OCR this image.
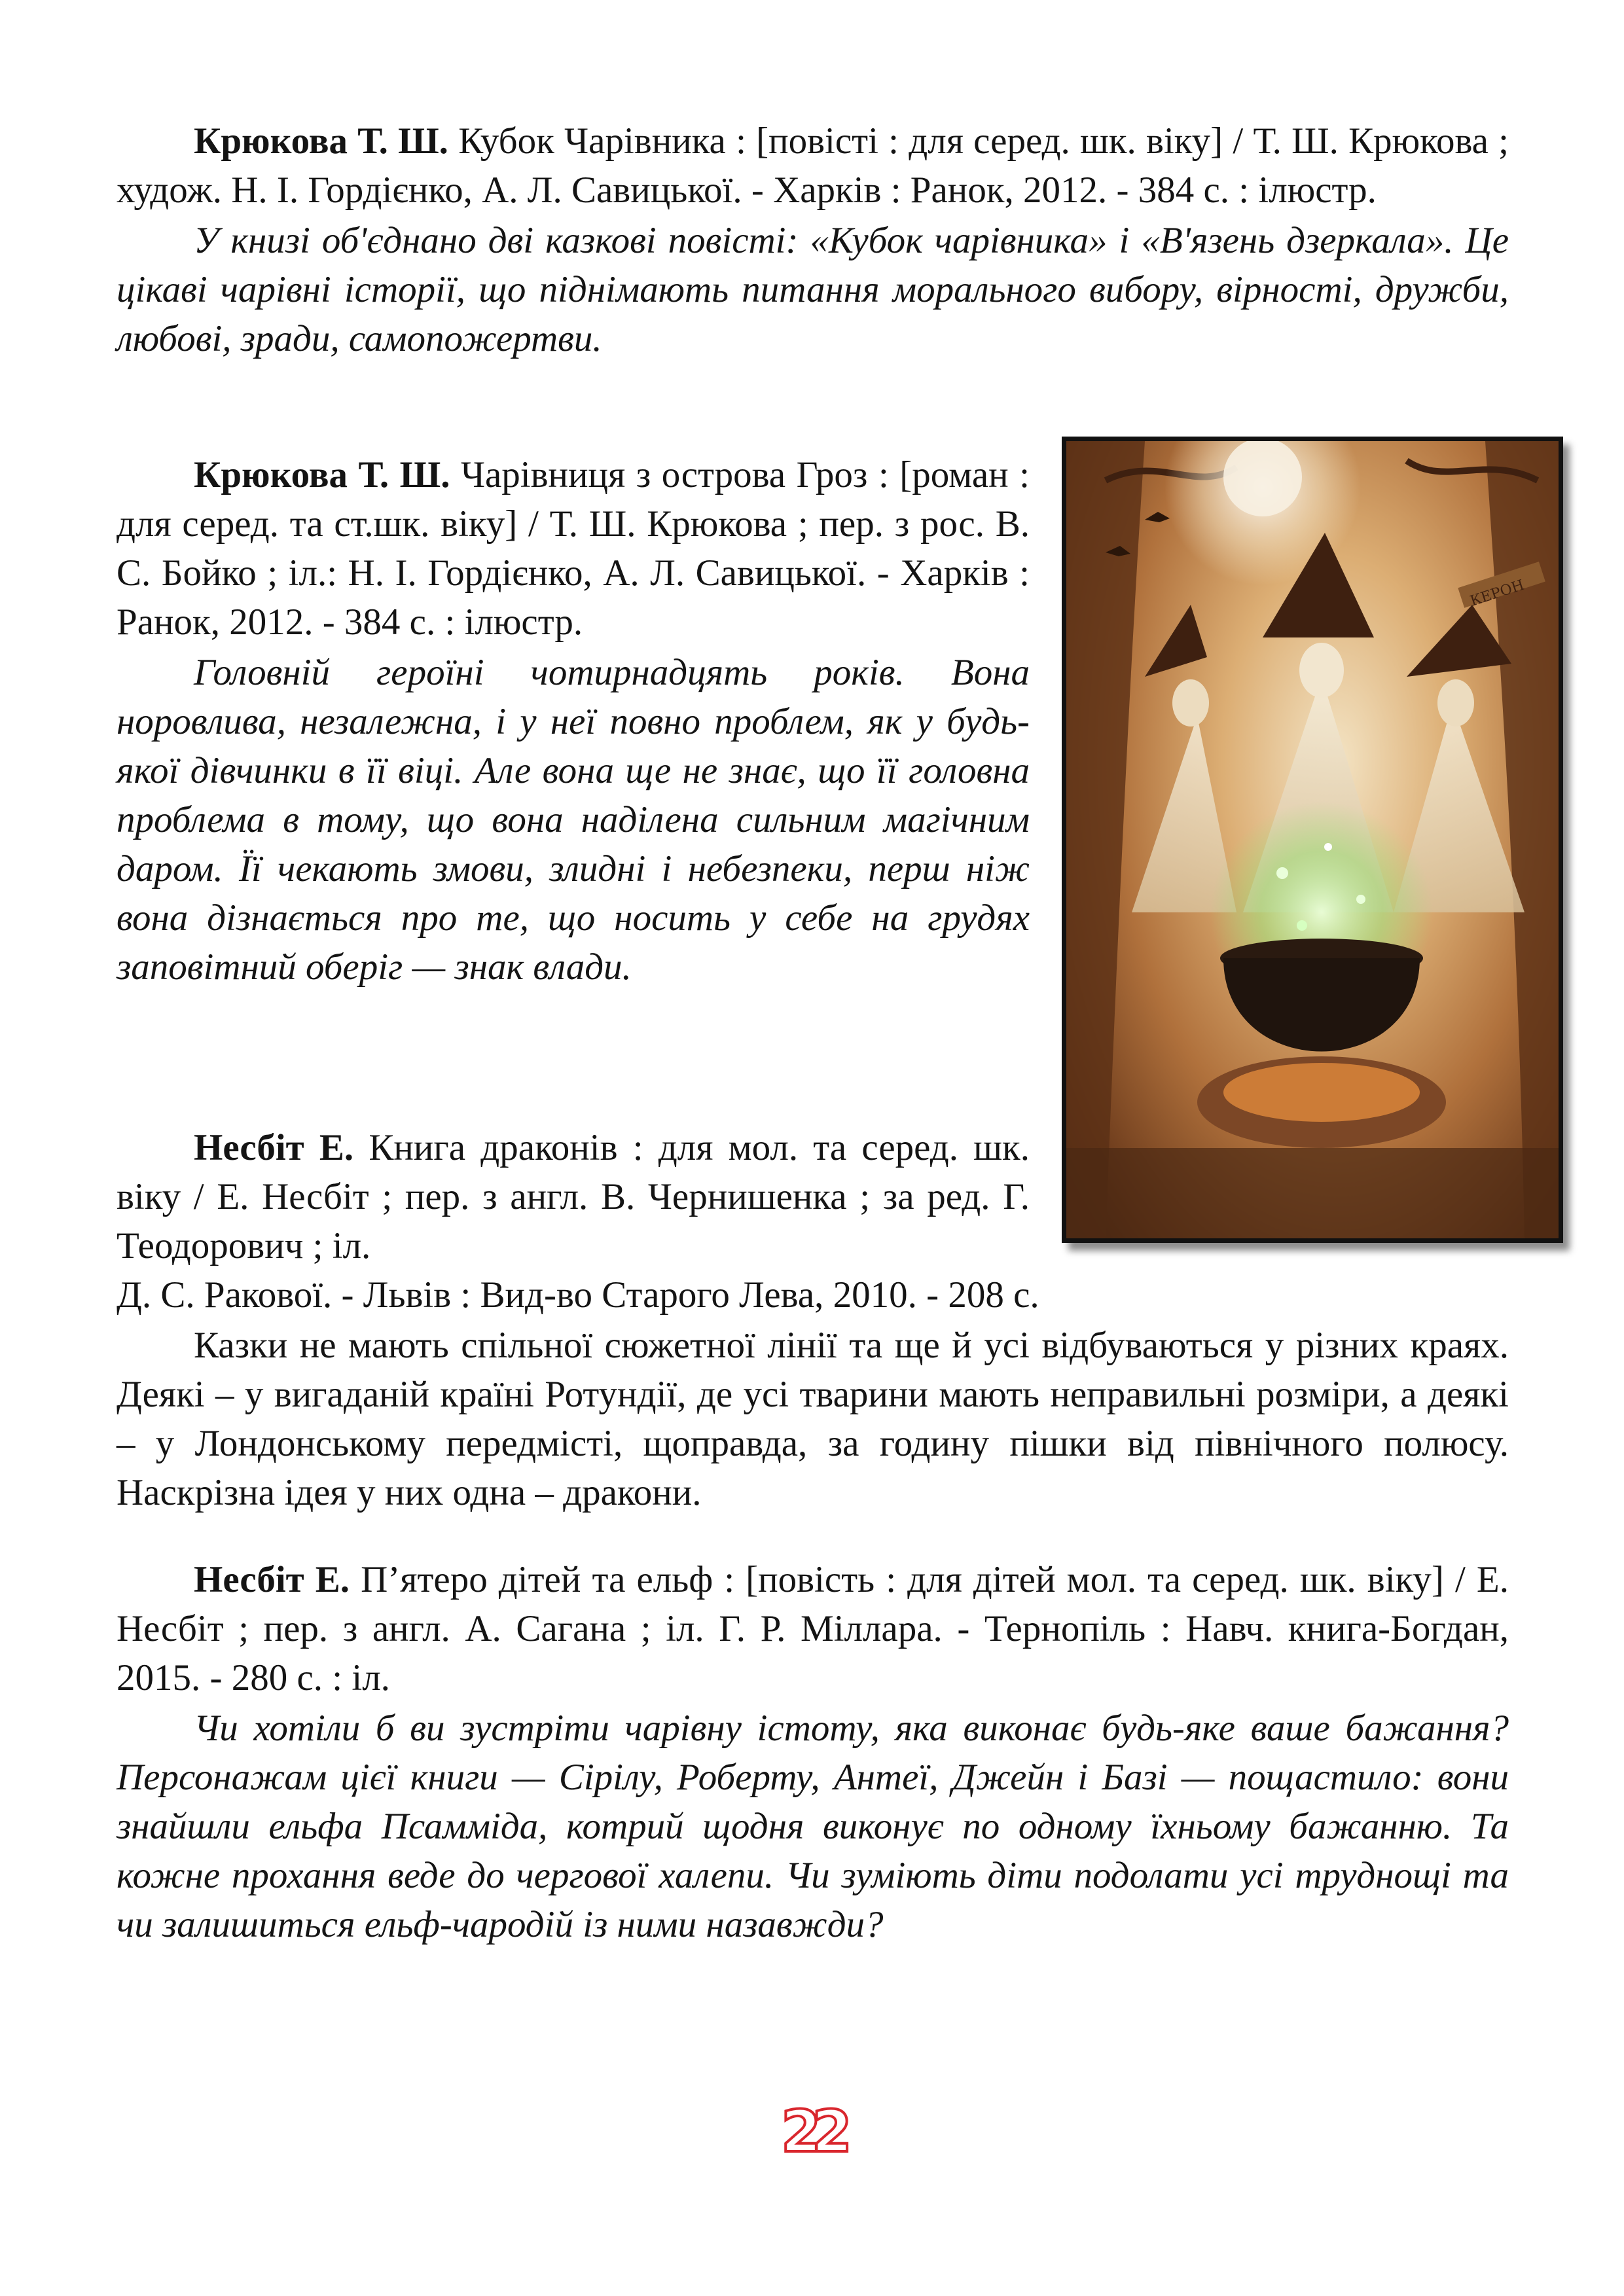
Крюкова Т. Ш. Кубок Чарівника : [повісті : для серед. шк. віку] / Т. Ш. Крюкова ; худож. Н. І. Гордієнко, А. Л. Савицької. - Харків : Ранок, 2012. - 384 с. : ілюстр.

У книзі об'єднано дві казкові повісті: «Кубок чарівника» і «В'язень дзеркала». Це цікаві чарівні історії, що піднімають питання морального вибору, вірності, дружби, любові, зради, самопожертви.

КЕРОН

Крюкова Т. Ш. Чарівниця з острова Гроз : [роман : для серед. та ст.шк. віку] / Т. Ш. Крюкова ; пер. з рос. В. С. Бойко ; іл.: Н. І. Гордієнко, А. Л. Савицької. - Харків : Ранок, 2012. - 384 с. : ілюстр.

Головній героїні чотирнадцять років. Вона норовлива, незалежна, і у неї повно проблем, як у будь-якої дівчинки в її віці. Але вона ще не знає, що її головна проблема в тому, що вона наділена сильним магічним даром. Її чекають змови, злидні і небезпеки, перш ніж вона дізнається про те, що носить у себе на грудях заповітний оберіг — знак влади.

Несбіт Е. Книга драконів : для мол. та серед. шк. віку / Е. Несбіт ; пер. з англ. В. Чернишенка ; за ред. Г. Теодорович ; іл.

Д. С. Ракової. - Львів : Вид-во Старого Лева, 2010. - 208 с.

Казки не мають спільної сюжетної лінії та ще й усі відбуваються у різних краях. Деякі – у вигаданій країні Ротундії, де усі тварини мають неправильні розміри, а деякі – у Лондонському передмісті, щоправда, за годину пішки від північного полюсу. Наскрізна ідея у них одна – дракони.

Несбіт Е. П’ятеро дітей та ельф : [повість : для дітей мол. та серед. шк. віку] / Е. Несбіт ; пер. з англ. А. Сагана ; іл. Г. Р. Міллара. - Тернопіль : Навч. книга-Богдан, 2015. - 280 с. : іл.

Чи хотіли б ви зустріти чарівну істоту, яка виконає будь-яке ваше бажання? Персонажам цієї книги — Сірілу, Роберту, Антеї, Джейн і Базі — пощастило: вони знайшли ельфа Псамміда, котрий щодня виконує по одному їхньому бажанню. Та кожне прохання веде до чергової халепи. Чи зуміють діти подолати усі труднощі та чи залишиться ельф-чародій із ними назавжди?

22
